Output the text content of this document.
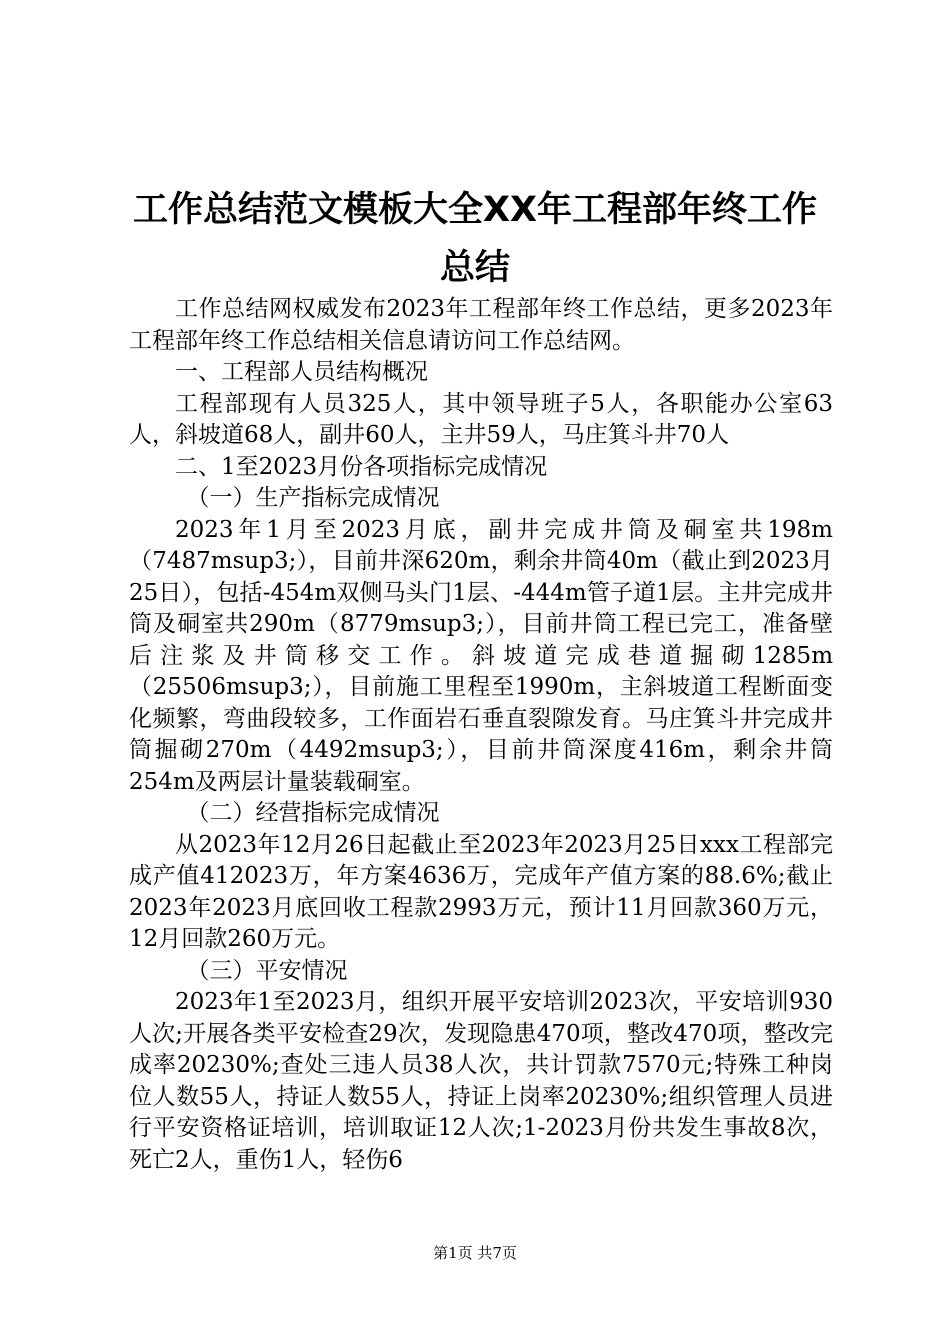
工作总结范文模板大全XX年工程部年终工作
总结

工作总结网权威发布2023年工程部年终工作总结，更多2023年工程部年终工作总结相关信息请访问工作总结网。

一、工程部人员结构概况

工程部现有人员325人，其中领导班子5人，各职能办公室63人，斜坡道68人，副井60人，主井59人，马庄箕斗井70人

二、1至2023月份各项指标完成情况

（一）生产指标完成情况

2023年1月至2023月底，副井完成井筒及硐室共198m（7487msup3;），目前井深620m，剩余井筒40m（截止到2023月25日），包括-454m双侧马头门1层、-444m管子道1层。主井完成井筒及硐室共290m（8779msup3;），目前井筒工程已完工，准备壁后注浆及井筒移交工作。斜坡道完成巷道掘砌1285m（25506msup3;），目前施工里程至1990m，主斜坡道工程断面变化频繁，弯曲段较多，工作面岩石垂直裂隙发育。马庄箕斗井完成井筒掘砌270m（4492msup3;），目前井筒深度416m，剩余井筒254m及两层计量装载硐室。

（二）经营指标完成情况

从2023年12月26日起截止至2023年2023月25日xxx工程部完成产值412023万，年方案4636万，完成年产值方案的88.6%;截止2023年2023月底回收工程款2993万元，预计11月回款360万元，12月回款260万元。

（三）平安情况

2023年1至2023月，组织开展平安培训2023次，平安培训930人次;开展各类平安检查29次，发现隐患470项，整改470项，整改完成率20230%;查处三违人员38人次，共计罚款7570元;特殊工种岗位人数55人，持证人数55人，持证上岗率20230%;组织管理人员进行平安资格证培训，培训取证12人次;1-2023月份共发生事故8次，死亡2人，重伤1人，轻伤6

第1页 共7页
